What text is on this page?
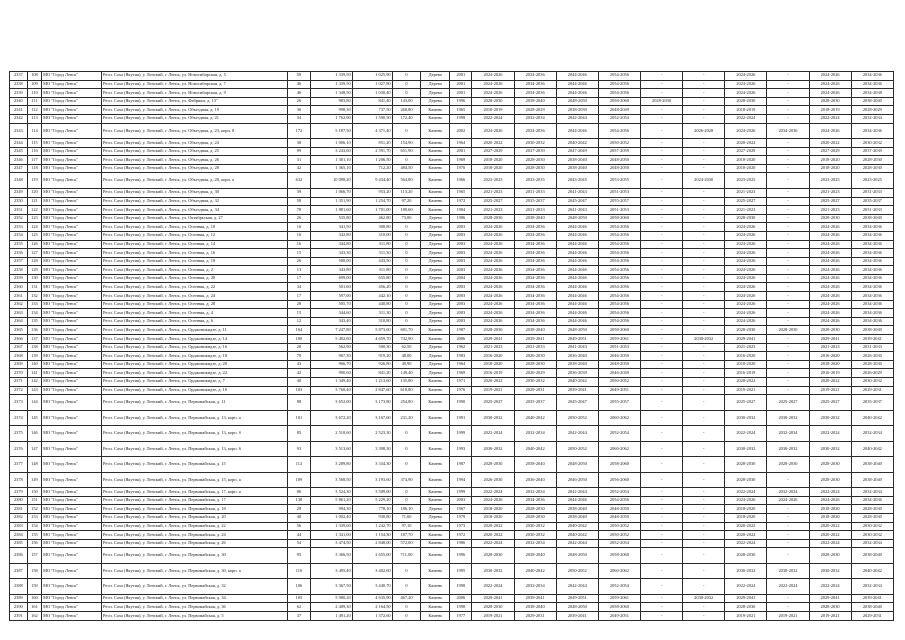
2337	108	МО "Город Ленск"	Респ. Саха (Якутия), у. Ленский, г. Ленск, ул. Новосибирская, д. 5	58	1 339,50	1 025,90	0	Дерево	2001	2024-2026	2034-2036	2044-2046	2054-2056	-	-	2024-2026	-	2024-2026	2034-2036
2338	109	МО "Город Ленск"	Респ. Саха (Якутия), у. Ленский, г. Ленск, ул. Новосибирская, д. 7	46	1 339,50	1 027,80	0	Дерево	2001	2024-2026	2034-2036	2044-2046	2054-2056	-	-	2024-2026	-	2024-2026	2034-2036
2339	110	МО "Город Ленск"	Респ. Саха (Якутия), у. Ленский, г. Ленск, ул. Новосибирская, д. 9	46	1 348,50	1 030,40	0	Дерево	2001	2024-2026	2034-2036	2044-2046	2054-2056	-	-	2024-2026	-	2024-2026	2034-2038
2340	111	МО "Город Ленск"	Респ. Саха (Якутия), у. Ленский, г. Ленск, ул. Фабрики, д. 13"	26	983,80	841,40	143,00	Дерево	1996	2028-2030	2038-2040	2048-2050	2058-2060	2028-2030	-	2028-2030	-	2028-2030	2038-2040
2341	112	МО "Город Ленск"	Респ. Саха (Якутия), у. Ленский, г. Ленск, ул. Объездная, д. 19	30	998,30	737,50	260,80	Камень	1965	2018-2019	2028-2029	2038-2039	2048-2049	-	-	2018-2019	-	2018-2019	2028-2029
2342	113	МО "Город Ленск"	Респ. Саха (Якутия), у. Ленский, г. Ленск, ул. Объездная, д. 21	34	1 762,90	1 590,50	172,40	Камень	1998	2022-2024	2032-2034	2042-2044	2052-2054	-	-	2022-2024	-	2022-2024	2032-2034
2343	114	МО "Город Ленск"	Респ. Саха (Якутия), у. Ленский, г. Ленск, ул. Объездная, д. 23, корп. 8	172	5 187,50	4 371,40	0	Камень	2002	2024-2026	2034-2036	2044-2046	2054-2056	-	2026-2028	2024-2026	2034-2036	2024-2026	2034-2036
2344	115	МО "Город Ленск"	Респ. Саха (Якутия), у. Ленский, г. Ленск, ул. Объездная, д. 24	38	1 006,10	851,20	154,90	Камень	1964	2020-2022	2030-2032	2040-2042	2050-2052	-	-	2020-2022	-	2020-2022	2030-2032
2345	116	МО "Город Ленск"	Респ. Саха (Якутия), у. Ленский, г. Ленск, ул. Объездная, д. 25	99	3 243,60	2 591,70	651,90	Камень	2001	2027-2029	2037-2039	2047-2049	2057-2059	-	-	2027-2029	-	2027-2029	2037-2039
2346	117	МО "Город Ленск"	Респ. Саха (Якутия), у. Ленский, г. Ленск, ул. Объездная, д. 26	31	1 301,10	1 206,50	0	Камень	1969	2018-2020	2028-2030	2038-2040	2048-2050	-	-	2018-2020	-	2018-2020	2028-2030
2347	118	МО "Город Ленск"	Респ. Саха (Якутия), у. Ленский, г. Ленск, ул. Объездная, д. 28	42	1 365,10	712,20	484,50	Камень	1970	2018-2020	2028-2030	2038-2040	2048-2050	-	-	2018-2020	-	2018-2020	2028-2030
2348	119	МО "Город Ленск"	Респ. Саха (Якутия), у. Ленский, г. Ленск, ул. Объездная, д. 28, корп. а	632	10 098,20	9 434,40	564,80	Камень	1966	2023-2025	2033-2035	2043-2045	2053-2055	-	2024-2030	2023-2025	-	2023-2025	2023-2025
2349	120	МО "Город Ленск"	Респ. Саха (Якутия), у. Ленский, г. Ленск, ул. Объездная, д. 30	39	1 066,70	953,20	113,20	Камень	1965	2021-2023	2031-2033	2041-2043	2051-2053	-	-	2021-2023	-	2021-2023	2031-2033
2350	121	МО "Город Ленск"	Респ. Саха (Якутия), у. Ленский, г. Ленск, ул. Объездная, д. 32	58	1 351,90	1 254,70	97,20	Камень	1972	2025-2027	2035-2037	2045-2047	2055-2057	-	-	2025-2027	-	2025-2027	2035-2037
2351	122	МО "Город Ленск"	Респ. Саха (Якутия), у. Ленский, г. Ленск, ул. Объездная, д. 34	78	1 881,60	1 701,00	180,60	Камень	1984	2021-2023	2031-2033	2041-2043	2051-2053	-	-	2021-2023	-	2021-2023	2031-2033
2352	123	МО "Город Ленск"	Респ. Саха (Якутия), у. Ленский, г. Ленск, ул. Октябрьская, д. 27	26	535,80	462,80	73,00	Дерево	1986	2028-2030	2038-2040	2048-2050	2058-2060	-	-	2028-2030	-	2028-2030	2038-2040
2353	124	МО "Город Ленск"	Респ. Саха (Якутия), у. Ленский, г. Ленск, ул. Осенняя, д. 10	16	341,50	308,80	0	Дерево	2003	2024-2026	2034-2036	2044-2046	2054-2056	-	-	2024-2026	-	2024-2026	2034-2036
2354	125	МО "Город Ленск"	Респ. Саха (Якутия), у. Ленский, г. Ленск, ул. Осенняя, д. 12	16	342,80	310,00	0	Дерево	2003	2024-2026	2034-2036	2044-2046	2054-2056	-	-	2024-2026	-	2024-2026	2034-2036
2355	126	МО "Город Ленск"	Респ. Саха (Якутия), у. Ленский, г. Ленск, ул. Осенняя, д. 14	16	344,80	311,80	0	Дерево	2003	2024-2026	2034-2036	2044-2046	2054-2056	-	-	2024-2026	-	2024-2026	2034-2036
2356	127	МО "Город Ленск"	Респ. Саха (Якутия), у. Ленский, г. Ленск, ул. Осенняя, д. 16	15	343,30	311,30	0	Дерево	2003	2024-2026	2034-2036	2044-2046	2054-2056	-	-	2024-2026	-	2024-2026	2034-2036
2357	128	МО "Город Ленск"	Респ. Саха (Якутия), у. Ленский, г. Ленск, ул. Осенняя, д. 18	26	500,00	443,50	0	Дерево	2003	2024-2026	2034-2036	2044-2046	2054-2056	-	-	2024-2026	-	2024-2026	2034-2036
2358	129	МО "Город Ленск"	Респ. Саха (Якутия), у. Ленский, г. Ленск, ул. Осенняя, д. 2	13	343,80	311,80	0	Дерево	2003	2024-2026	2034-2036	2044-2046	2054-2056	-	-	2024-2026	-	2024-2026	2034-2036
2359	130	МО "Город Ленск"	Респ. Саха (Якутия), у. Ленский, г. Ленск, ул. Осенняя, д. 20	17	699,00	655,80	0	Дерево	2004	2024-2026	2034-2036	2044-2046	2054-2056	-	-	2024-2026	-	2024-2026	2034-2036
2360	131	МО "Город Ленск"	Респ. Саха (Якутия), у. Ленский, г. Ленск, ул. Осенняя, д. 22	34	501,60	456,20	0	Дерево	2003	2024-2026	2034-2036	2044-2046	2054-2056	-	-	2024-2026	-	2024-2026	2034-2036
2361	132	МО "Город Ленск"	Респ. Саха (Якутия), у. Ленский, г. Ленск, ул. Осенняя, д. 24	17	597,00	442,10	0	Дерево	2003	2024-2026	2034-2036	2044-2046	2054-2056	-	-	2024-2026	-	2024-2026	2034-2036
2362	133	МО "Город Ленск"	Респ. Саха (Якутия), у. Ленский, г. Ленск, ул. Осенняя, д. 28	28	505,70	440,80	0	Дерево	2003	2024-2026	2034-2036	2044-2046	2054-2056	-	-	2024-2026	-	2024-2026	2034-2036
2363	134	МО "Город Ленск"	Респ. Саха (Якутия), у. Ленский, г. Ленск, ул. Осенняя, д. 4	15	344,60	311,30	0	Дерево	2003	2024-2026	2034-2036	2044-2046	2054-2056	-	-	2024-2026	-	2024-2026	2034-2036
2364	135	МО "Город Ленск"	Респ. Саха (Якутия), у. Ленский, г. Ленск, ул. Осенняя, д. 6	12	343,40	310,80	0	Дерево	2003	2024-2026	2034-2036	2044-2046	2054-2056	-	-	2024-2026	-	2024-2026	2034-2036
2365	136	МО "Город Ленск"	Респ. Саха (Якутия), у. Ленский, г. Ленск, ул. Орджоникидзе, д. 11	164	7 247,80	5 873,60	681,70	Камень	1987	2028-2030	2038-2040	2048-2050	2058-2060	-	-	2028-2030	2028-2030	2028-2030	2038-2040
2366	137	МО "Город Ленск"	Респ. Саха (Якутия), у. Ленский, г. Ленск, ул. Орджоникидзе, д. 14	100	5 402,60	4 659,70	742,90	Камень	2006	2029-2041	2039-2041	2049-2051	2059-2061	-	2030-2032	2029-2041	-	2029-2041	2039-2041
2367	138	МО "Город Ленск"	Респ. Саха (Якутия), у. Ленский, г. Ленск, ул. Орджоникидзе, д. 16	20	562,90	500,30	62,50	Дерево	1962	2021-2023	2031-2033	2041-2043	2051-2053	-	-	2021-2023	-	2021-2023	2031-2033
2368	139	МО "Город Ленск"	Респ. Саха (Якутия), у. Ленский, г. Ленск, ул. Орджоникидзе, д. 18	78	967,30	919,20	48,00	Дерево	1983	2016-2020	2026-2030	2036-2040	2046-2050	-	-	2016-2020	-	2016-2020	2026-2030
2369	140	МО "Город Ленск"	Респ. Саха (Якутия), у. Ленский, г. Ленск, ул. Орджоникидзе, д. 20	43	966,70	926,80	49,90	Дерево	1964	2018-2020	2028-2030	2038-2040	2048-2050	-	-	2018-2020	-	2018-2020	2028-2030
2370	141	МО "Город Ленск"	Респ. Саха (Якутия), у. Ленский, г. Ленск, ул. Орджоникидзе, д. 22	42	990,60	841,20	149,40	Дерево	1969	2016-2019	2026-2029	2036-2039	2046-2049	-	-	2016-2019	-	2016-2019	2026-2029
2371	142	МО "Город Ленск"	Респ. Саха (Якутия), у. Ленский, г. Ленск, ул. Орджоникидзе, д. 7	40	1 349,40	1 213,60	135,80	Камень	1971	2020-2022	2030-2032	2040-2042	2050-2052	-	-	2020-2022	-	2020-2022	2030-2032
2372	143	МО "Город Ленск"	Респ. Саха (Якутия), у. Ленский, г. Ленск, ул. Орджоникидзе, д. 10	103	3 760,40	2 847,60	618,80	Камень	1976	2019-2021	2029-2031	2039-2041	2049-2051	-	-	2019-2021	-	2019-2021	2029-2031
2373	144	МО "Город Ленск"	Респ. Саха (Якутия), у. Ленский, г. Ленск, ул. Первомайская, д. 11	88	3 652,00	3 173,80	254,80	Камень	1990	2025-2027	2035-2037	2045-2047	2055-2057	-	-	2025-2027	2025-2027	2025-2027	2035-2037
2374	145	МО "Город Ленск"	Респ. Саха (Якутия), у. Ленский, г. Ленск, ул. Первомайская, д. 13, корп. а	101	3 672,20	3 167,60	231,20	Камень	1991	2030-2032	2040-2042	2050-2052	2060-2062	-	-	2030-2032	2030-2032	2030-2032	2040-2042
2375	146	МО "Город Ленск"	Респ. Саха (Якутия), у. Ленский, г. Ленск, ул. Первомайская, д. 13, корп. б	85	2 510,60	2 523,30	0	Камень	1999	2022-2024	2032-2034	2042-2044	2052-2054	-	-	2022-2024	2032-2034	2022-2024	2032-2034
2376	147	МО "Город Ленск"	Респ. Саха (Якутия), у. Ленский, г. Ленск, ул. Первомайская, д. 13, корп. 6	93	3 513,60	3 398,30	0	Камень	1993	2030-2032	2040-2042	2050-2052	2060-2062	-	-	2030-2032	2030-2032	2030-2032	2040-2042
2377	148	МО "Город Ленск"	Респ. Саха (Якутия), у. Ленский, г. Ленск, ул. Первомайская, д. 15	112	3 289,80	3 334,30	0	Камень	1987	2028-2030	2038-2040	2048-2050	2058-2060	-	-	2028-2030	2028-2030	2028-2030	2038-2040
2378	149	МО "Город Ленск"	Респ. Саха (Якутия), у. Ленский, г. Ленск, ул. Первомайская, д. 15, корп. а	109	3 568,50	3 193,60	374,90	Камень	1994	2026-2030	2036-2040	2046-2050	2056-2060	-	-	2028-2030	-	2028-2030	2038-2040
2379	150	МО "Город Ленск"	Респ. Саха (Якутия), у. Ленский, г. Ленск, ул. Первомайская, д. 17, корп. а	86	3 524,30	3 509,00	0	Камень	1999	2022-2024	2032-2034	2042-2044	2052-2054	-	-	2022-2024	2032-2034	2022-2024	2032-2034
2380	151	МО "Город Ленск"	Респ. Саха (Якутия), у. Ленский, г. Ленск, ул. Первомайская, д. 17	138	5 861,20	5 229,20	0	Камень	2003	2024-2026	2034-2036	2044-2046	2054-2056	-	-	2024-2026	2024-2026	2024-2026	2034-2036
2381	152	МО "Город Ленск"	Респ. Саха (Якутия), у. Ленский, г. Ленск, ул. Первомайская, д. 18	28	994,30	778,10	186,10	Дерево	1967	2018-2020	2028-2030	2038-2040	2048-2050	-	-	2018-2020	-	2018-2020	2028-2030
2382	153	МО "Город Ленск"	Респ. Саха (Якутия), у. Ленский, г. Ленск, ул. Первомайская, д. 20	40	1 002,40	930,80	71,60	Дерево	1979	2018-2020	2028-2030	2038-2040	2048-2050	-	-	2018-2020	-	2018-2020	2028-2030
2383	154	МО "Город Ленск"	Респ. Саха (Якутия), у. Ленский, г. Ленск, ул. Первомайская, д. 22	56	1 339,60	1 242,70	97,10	Камень	1973	2020-2022	2030-2032	2040-2042	2050-2052	-	-	2020-2022	-	2020-2022	2030-2032
2384	155	МО "Город Ленск"	Респ. Саха (Якутия), у. Ленский, г. Ленск, ул. Первомайская, д. 24	44	1 341,00	1 154,30	187,70	Камень	1972	2020-2022	2030-2032	2040-2042	2050-2052	-	-	2020-2022	-	2020-2022	2030-2032
2385	156	МО "Город Ленск"	Респ. Саха (Якутия), у. Ленский, г. Ленск, ул. Первомайская, д. 26	54	3 474,50	2 848,00	572,00	Камень	1986	2022-2024	2032-2034	2042-2044	2052-2054	-	-	2022-2024	-	2022-2024	2032-2034
2386	157	МО "Город Ленск"	Респ. Саха (Якутия), у. Ленский, г. Ленск, ул. Первомайская, д. 30	95	3 366,50	2 655,00	711,00	Камень	1996	2028-2030	2038-2040	2048-2050	2058-2060	-	-	2028-2030	-	2028-2030	2038-2040
2387	158	МО "Город Ленск"	Респ. Саха (Якутия), у. Ленский, г. Ленск, ул. Первомайская, д. 30, корп. а	110	3 495,40	3 402,60	0	Камень	1995	2030-2032	2040-2042	2050-2052	2060-2062	-	-	2030-2032	2030-2032	2030-2032	2040-2042
2388	159	МО "Город Ленск"	Респ. Саха (Якутия), у. Ленский, г. Ленск, ул. Первомайская, д. 32	106	3 367,50	3 440,70	0	Камень	1998	2022-2024	2032-2034	2042-2044	2052-2054	-	-	2022-2024	2022-2024	2022-2024	2032-2034
2389	160	МО "Город Ленск"	Респ. Саха (Якутия), у. Ленский, г. Ленск, ул. Первомайская, д. 34	105	5 980,20	4 635,90	467,20	Камень	2006	2029-2041	2039-2041	2049-2051	2059-2061	-	2030-2032	2029-2041	-	2029-2041	2039-2041
2390	161	МО "Город Ленск"	Респ. Саха (Якутия), у. Ленский, г. Ленск, ул. Первомайская, д. 36	62	2 409,30	2 164,50	0	Камень	1998	2028-2030	2038-2040	2048-2050	2058-2060	-	-	2028-2030	-	2028-2030	2038-2040
2391	162	МО "Город Ленск"	Респ. Саха (Якутия), у. Ленский, г. Ленск, ул. Первомайская, д. 5	37	1 491,20	1 372,60	0	Камень	1977	2019-2021	2029-2031	2039-2041	2049-2051	-	-	2019-2021	2019-2021	2019-2021	2029-2031
